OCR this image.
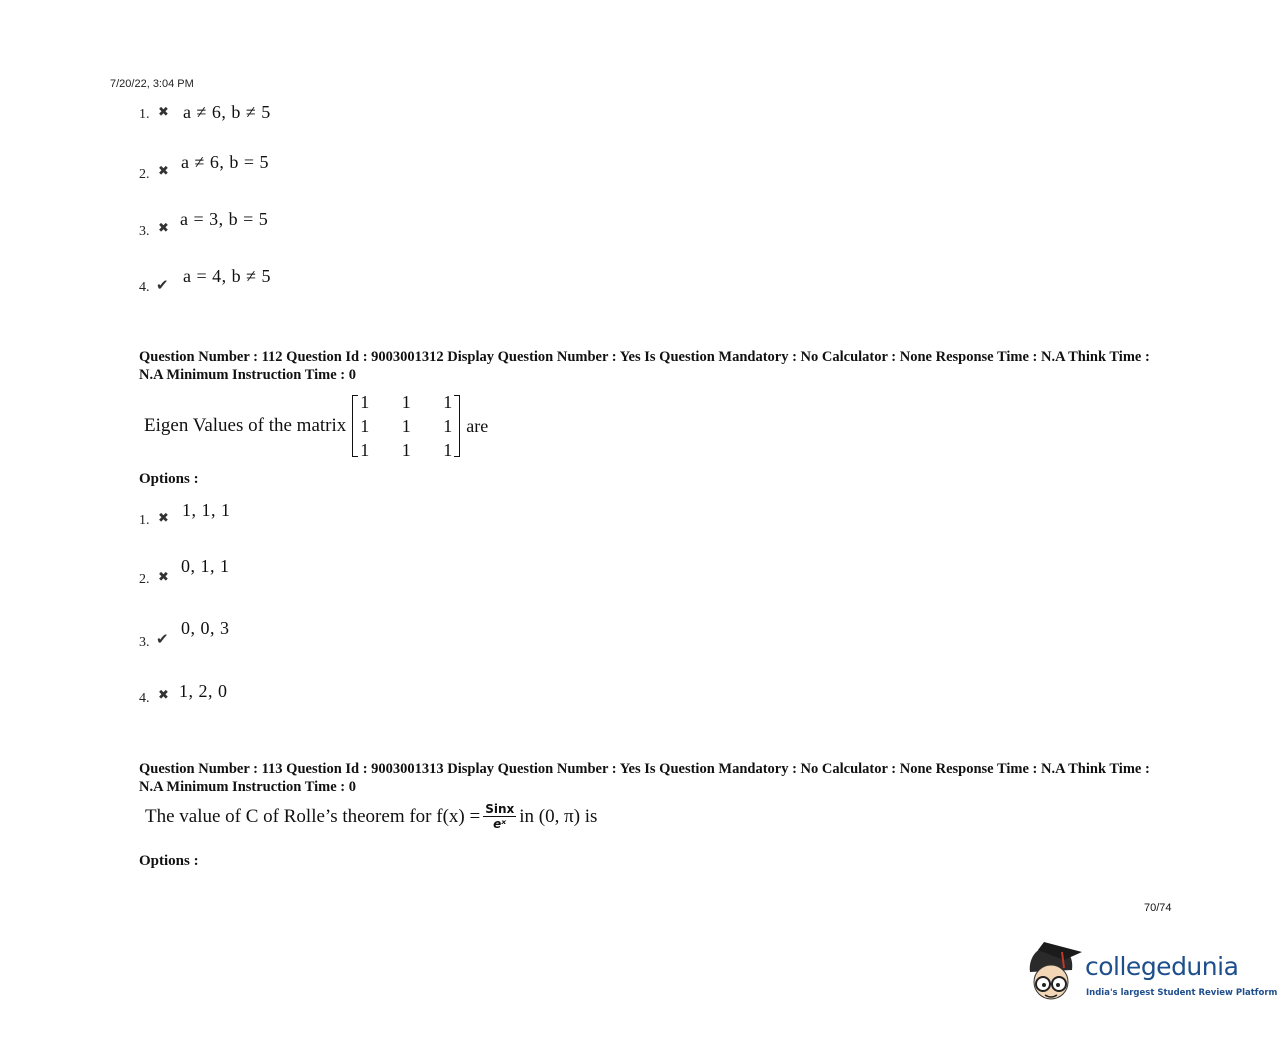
7/20/22, 3:04 PM
1. ✖ a ≠ 6, b ≠ 5
2. ✖ a ≠ 6, b = 5
3. ✖ a = 3, b = 5
4. ✔ a = 4, b ≠ 5
Question Number : 112 Question Id : 9003001312 Display Question Number : Yes Is Question Mandatory : No Calculator : None Response Time : N.A Think Time : N.A Minimum Instruction Time : 0
Eigen Values of the matrix
1	1	1
1	1	1
1	1	1
are
Options :
1. ✖ 1, 1, 1
2. ✖
0, 1, 1
3. ✔
0, 0, 3
4. ✖ 1, 2, 0
Question Number : 113 Question Id : 9003001313 Display Question Number : Yes Is Question Mandatory : No Calculator : None Response Time : N.A Think Time : N.A Minimum Instruction Time : 0
The value of C of Rolle’s theorem for $f(x) = \frac{\text{Sinx}}{\text{eˣ}}$ in (0, π) is
Options :
70/74
collegedunia
India's largest Student Review Platform
